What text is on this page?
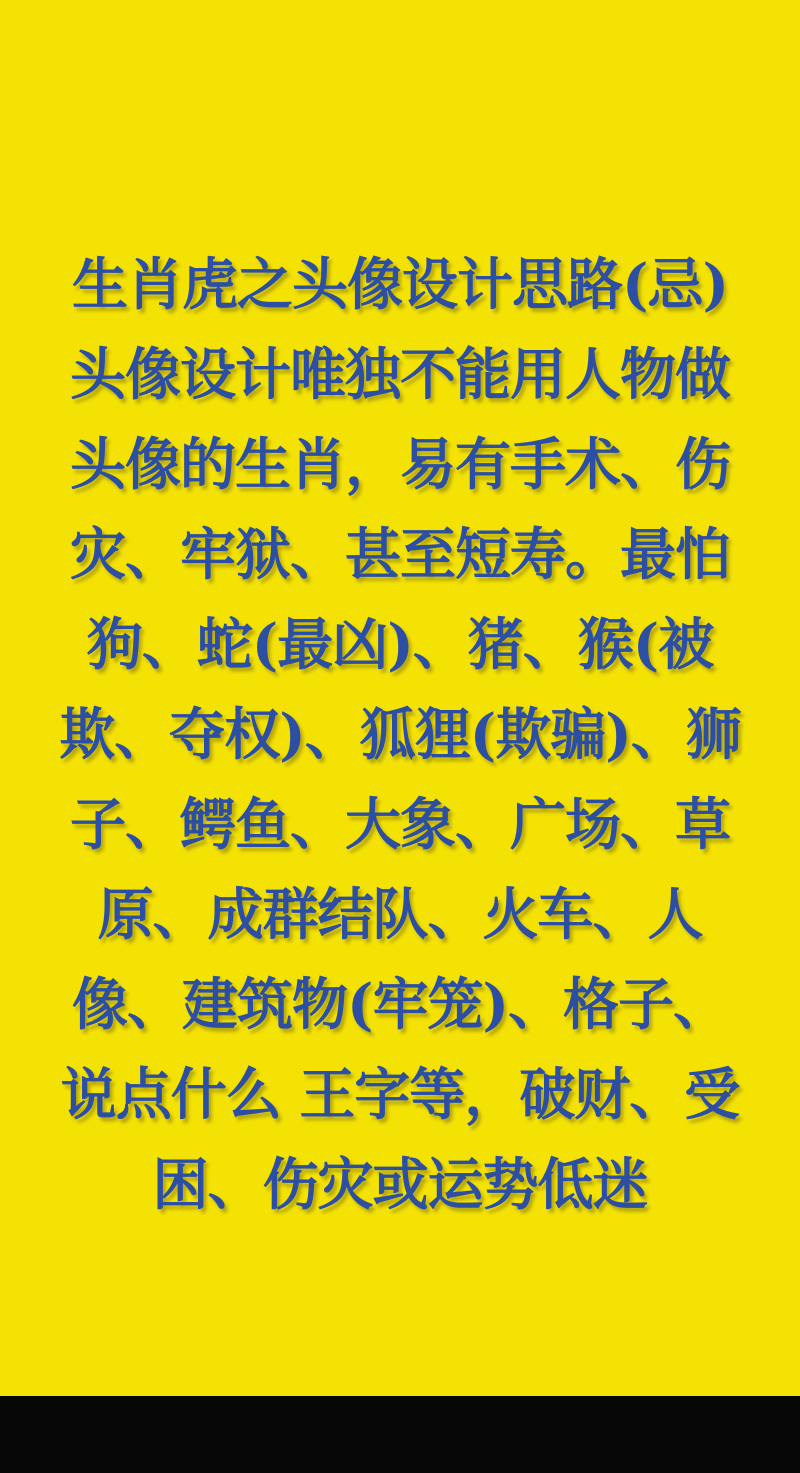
生肖虎之头像设计思路(忌)
头像设计唯独不能用人物做
头像的生肖，易有手术、伤
灾、牢狱、甚至短寿。最怕
狗、蛇(最凶)、猪、猴(被
欺、夺权)、狐狸(欺骗)、狮
子、鳄鱼、大象、广场、草
原、成群结队、火车、人
像、建筑物(牢笼)、格子、
说点什么 王字等，破财、受
困、伤灾或运势低迷
